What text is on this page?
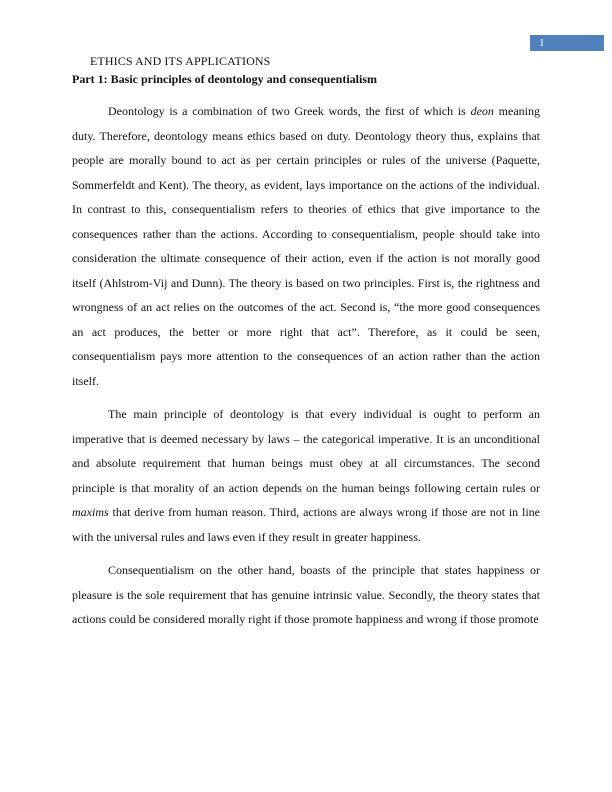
1
ETHICS AND ITS APPLICATIONS
Part 1: Basic principles of deontology and consequentialism

Deontology is a combination of two Greek words, the first of which is deon meaning duty. Therefore, deontology means ethics based on duty. Deontology theory thus, explains that people are morally bound to act as per certain principles or rules of the universe (Paquette, Sommerfeldt and Kent). The theory, as evident, lays importance on the actions of the individual. In contrast to this, consequentialism refers to theories of ethics that give importance to the consequences rather than the actions. According to consequentialism, people should take into consideration the ultimate consequence of their action, even if the action is not morally good itself (Ahlstrom-Vij and Dunn). The theory is based on two principles. First is, the rightness and wrongness of an act relies on the outcomes of the act. Second is, “the more good consequences an act produces, the better or more right that act”. Therefore, as it could be seen, consequentialism pays more attention to the consequences of an action rather than the action itself.

The main principle of deontology is that every individual is ought to perform an imperative that is deemed necessary by laws – the categorical imperative. It is an unconditional and absolute requirement that human beings must obey at all circumstances. The second principle is that morality of an action depends on the human beings following certain rules or maxims that derive from human reason. Third, actions are always wrong if those are not in line with the universal rules and laws even if they result in greater happiness.

Consequentialism on the other hand, boasts of the principle that states happiness or pleasure is the sole requirement that has genuine intrinsic value. Secondly, the theory states that actions could be considered morally right if those promote happiness and wrong if those promote
